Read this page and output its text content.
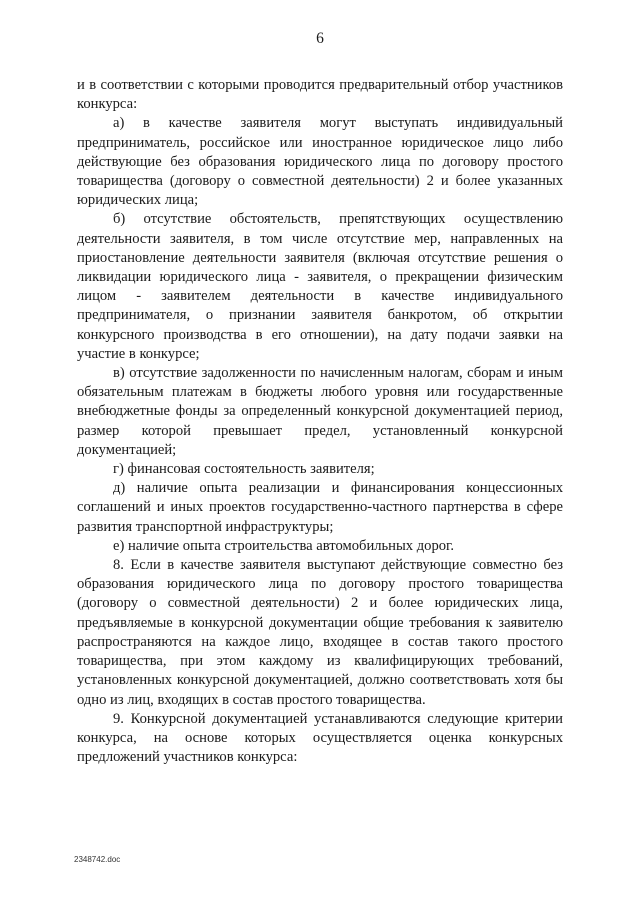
6

и в соответствии с которыми проводится предварительный отбор участников конкурса:

а) в качестве заявителя могут выступать индивидуальный предприниматель, российское или иностранное юридическое лицо либо действующие без образования юридического лица по договору простого товарищества (договору о совместной деятельности) 2 и более указанных юридических лица;

б) отсутствие обстоятельств, препятствующих осуществлению деятельности заявителя, в том числе отсутствие мер, направленных на приостановление деятельности заявителя (включая отсутствие решения о ликвидации юридического лица - заявителя, о прекращении физическим лицом - заявителем деятельности в качестве индивидуального предпринимателя, о признании заявителя банкротом, об открытии конкурсного производства в его отношении), на дату подачи заявки на участие в конкурсе;

в) отсутствие задолженности по начисленным налогам, сборам и иным обязательным платежам в бюджеты любого уровня или государственные внебюджетные фонды за определенный конкурсной документацией период, размер которой превышает предел, установленный конкурсной документацией;

г) финансовая состоятельность заявителя;

д) наличие опыта реализации и финансирования концессионных соглашений и иных проектов государственно-частного партнерства в сфере развития транспортной инфраструктуры;

е) наличие опыта строительства автомобильных дорог.

8. Если в качестве заявителя выступают действующие совместно без образования юридического лица по договору простого товарищества (договору о совместной деятельности) 2 и более юридических лица, предъявляемые в конкурсной документации общие требования к заявителю распространяются на каждое лицо, входящее в состав такого простого товарищества, при этом каждому из квалифицирующих требований, установленных конкурсной документацией, должно соответствовать хотя бы одно из лиц, входящих в состав простого товарищества.

9. Конкурсной документацией устанавливаются следующие критерии конкурса, на основе которых осуществляется оценка конкурсных предложений участников конкурса:

2348742.doc
